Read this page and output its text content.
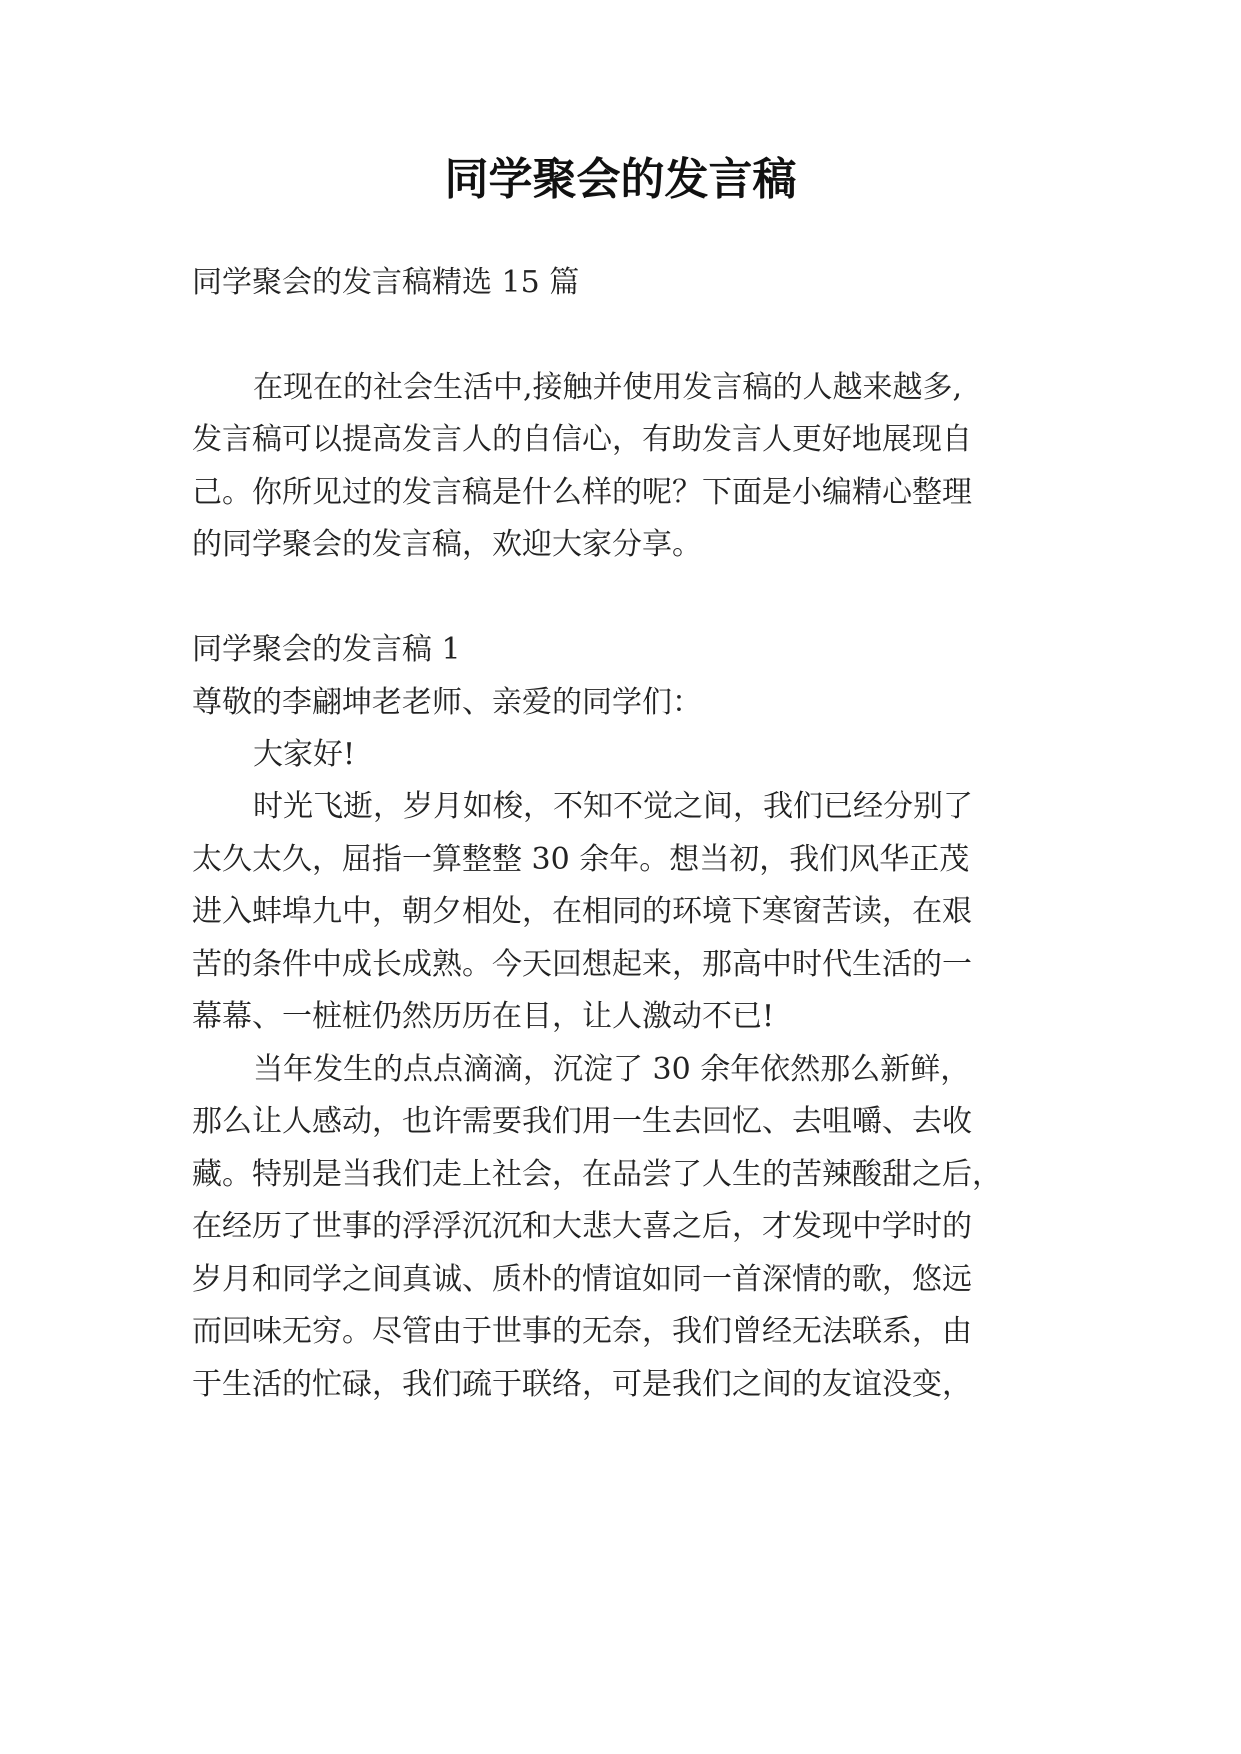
同学聚会的发言稿
同学聚会的发言稿精选 15 篇
在现在的社会生活中,接触并使用发言稿的人越来越多,
发言稿可以提高发言人的自信心，有助发言人更好地展现自
己。你所见过的发言稿是什么样的呢？下面是小编精心整理
的同学聚会的发言稿，欢迎大家分享。
同学聚会的发言稿 1
尊敬的李翩坤老老师、亲爱的同学们：
大家好!
时光飞逝，岁月如梭，不知不觉之间，我们已经分别了
太久太久，屈指一算整整 30 余年。想当初，我们风华正茂
进入蚌埠九中，朝夕相处，在相同的环境下寒窗苦读，在艰
苦的条件中成长成熟。今天回想起来，那高中时代生活的一
幕幕、一桩桩仍然历历在目，让人激动不已!
当年发生的点点滴滴，沉淀了 30 余年依然那么新鲜，
那么让人感动，也许需要我们用一生去回忆、去咀嚼、去收
藏。特别是当我们走上社会，在品尝了人生的苦辣酸甜之后，
在经历了世事的浮浮沉沉和大悲大喜之后，才发现中学时的
岁月和同学之间真诚、质朴的情谊如同一首深情的歌，悠远
而回味无穷。尽管由于世事的无奈，我们曾经无法联系，由
于生活的忙碌，我们疏于联络，可是我们之间的友谊没变，
